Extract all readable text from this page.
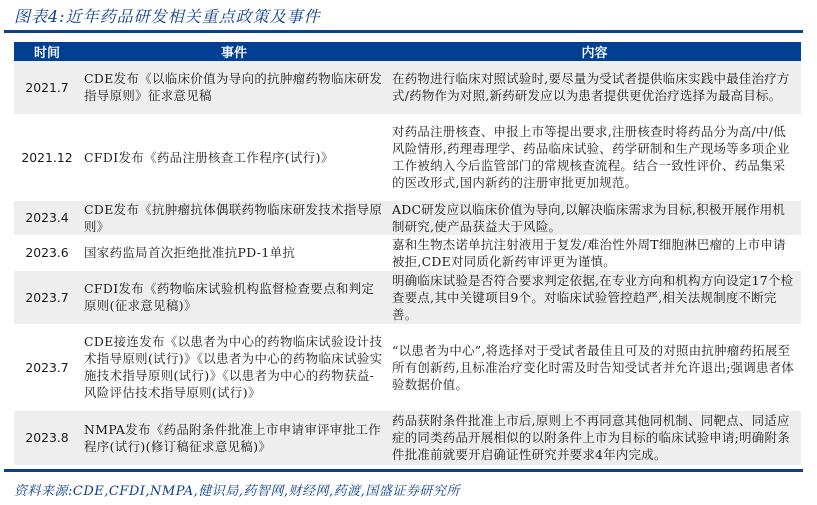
图表4:近年药品研发相关重点政策及事件
时间	事件	内容
2021.7	CDE发布《以临床价值为导向的抗肿瘤药物临床研发指导原则》征求意见稿	在药物进行临床对照试验时,要尽量为受试者提供临床实践中最佳治疗方式/药物作为对照,新药研发应以为患者提供更优治疗选择为最高目标。
2021.12	CFDI发布《药品注册核查工作程序(试行)》	对药品注册核查、申报上市等提出要求,注册核查时将药品分为高/中/低风险情形,药理毒理学、药品临床试验、药学研制和生产现场等多项企业工作被纳入今后监管部门的常规核查流程。结合一致性评价、药品集采的医改形式,国内新药的注册审批更加规范。
2023.4	CDE发布《抗肿瘤抗体偶联药物临床研发技术指导原则》	ADC研发应以临床价值为导向,以解决临床需求为目标,积极开展作用机制研究,使产品获益大于风险。
2023.6	国家药监局首次拒绝批准抗PD-1单抗	嘉和生物杰诺单抗注射液用于复发/难治性外周T细胞淋巴瘤的上市申请被拒,CDE对同质化新药审评更为谨慎。
2023.7	CFDI发布《药物临床试验机构监督检查要点和判定原则(征求意见稿)》	明确临床试验是否符合要求判定依据,在专业方向和机构方向设定17个检查要点,其中关键项目9个。对临床试验管控趋严,相关法规制度不断完善。
2023.7	CDE接连发布《以患者为中心的药物临床试验设计技术指导原则(试行)》《以患者为中心的药物临床试验实施技术指导原则(试行)》《以患者为中心的药物获益-风险评估技术指导原则(试行)》	“以患者为中心”,将选择对于受试者最佳且可及的对照由抗肿瘤药拓展至所有创新药,且标准治疗变化时需及时告知受试者并允许退出;强调患者体验数据价值。
2023.8	NMPA发布《药品附条件批准上市申请审评审批工作程序(试行)(修订稿征求意见稿)》	药品获附条件批准上市后,原则上不再同意其他同机制、同靶点、同适应症的同类药品开展相似的以附条件上市为目标的临床试验申请;明确附条件批准前就要开启确证性研究并要求4年内完成。
资料来源:CDE,CFDI,NMPA,健识局,药智网,财经网,药渡,国盛证券研究所
